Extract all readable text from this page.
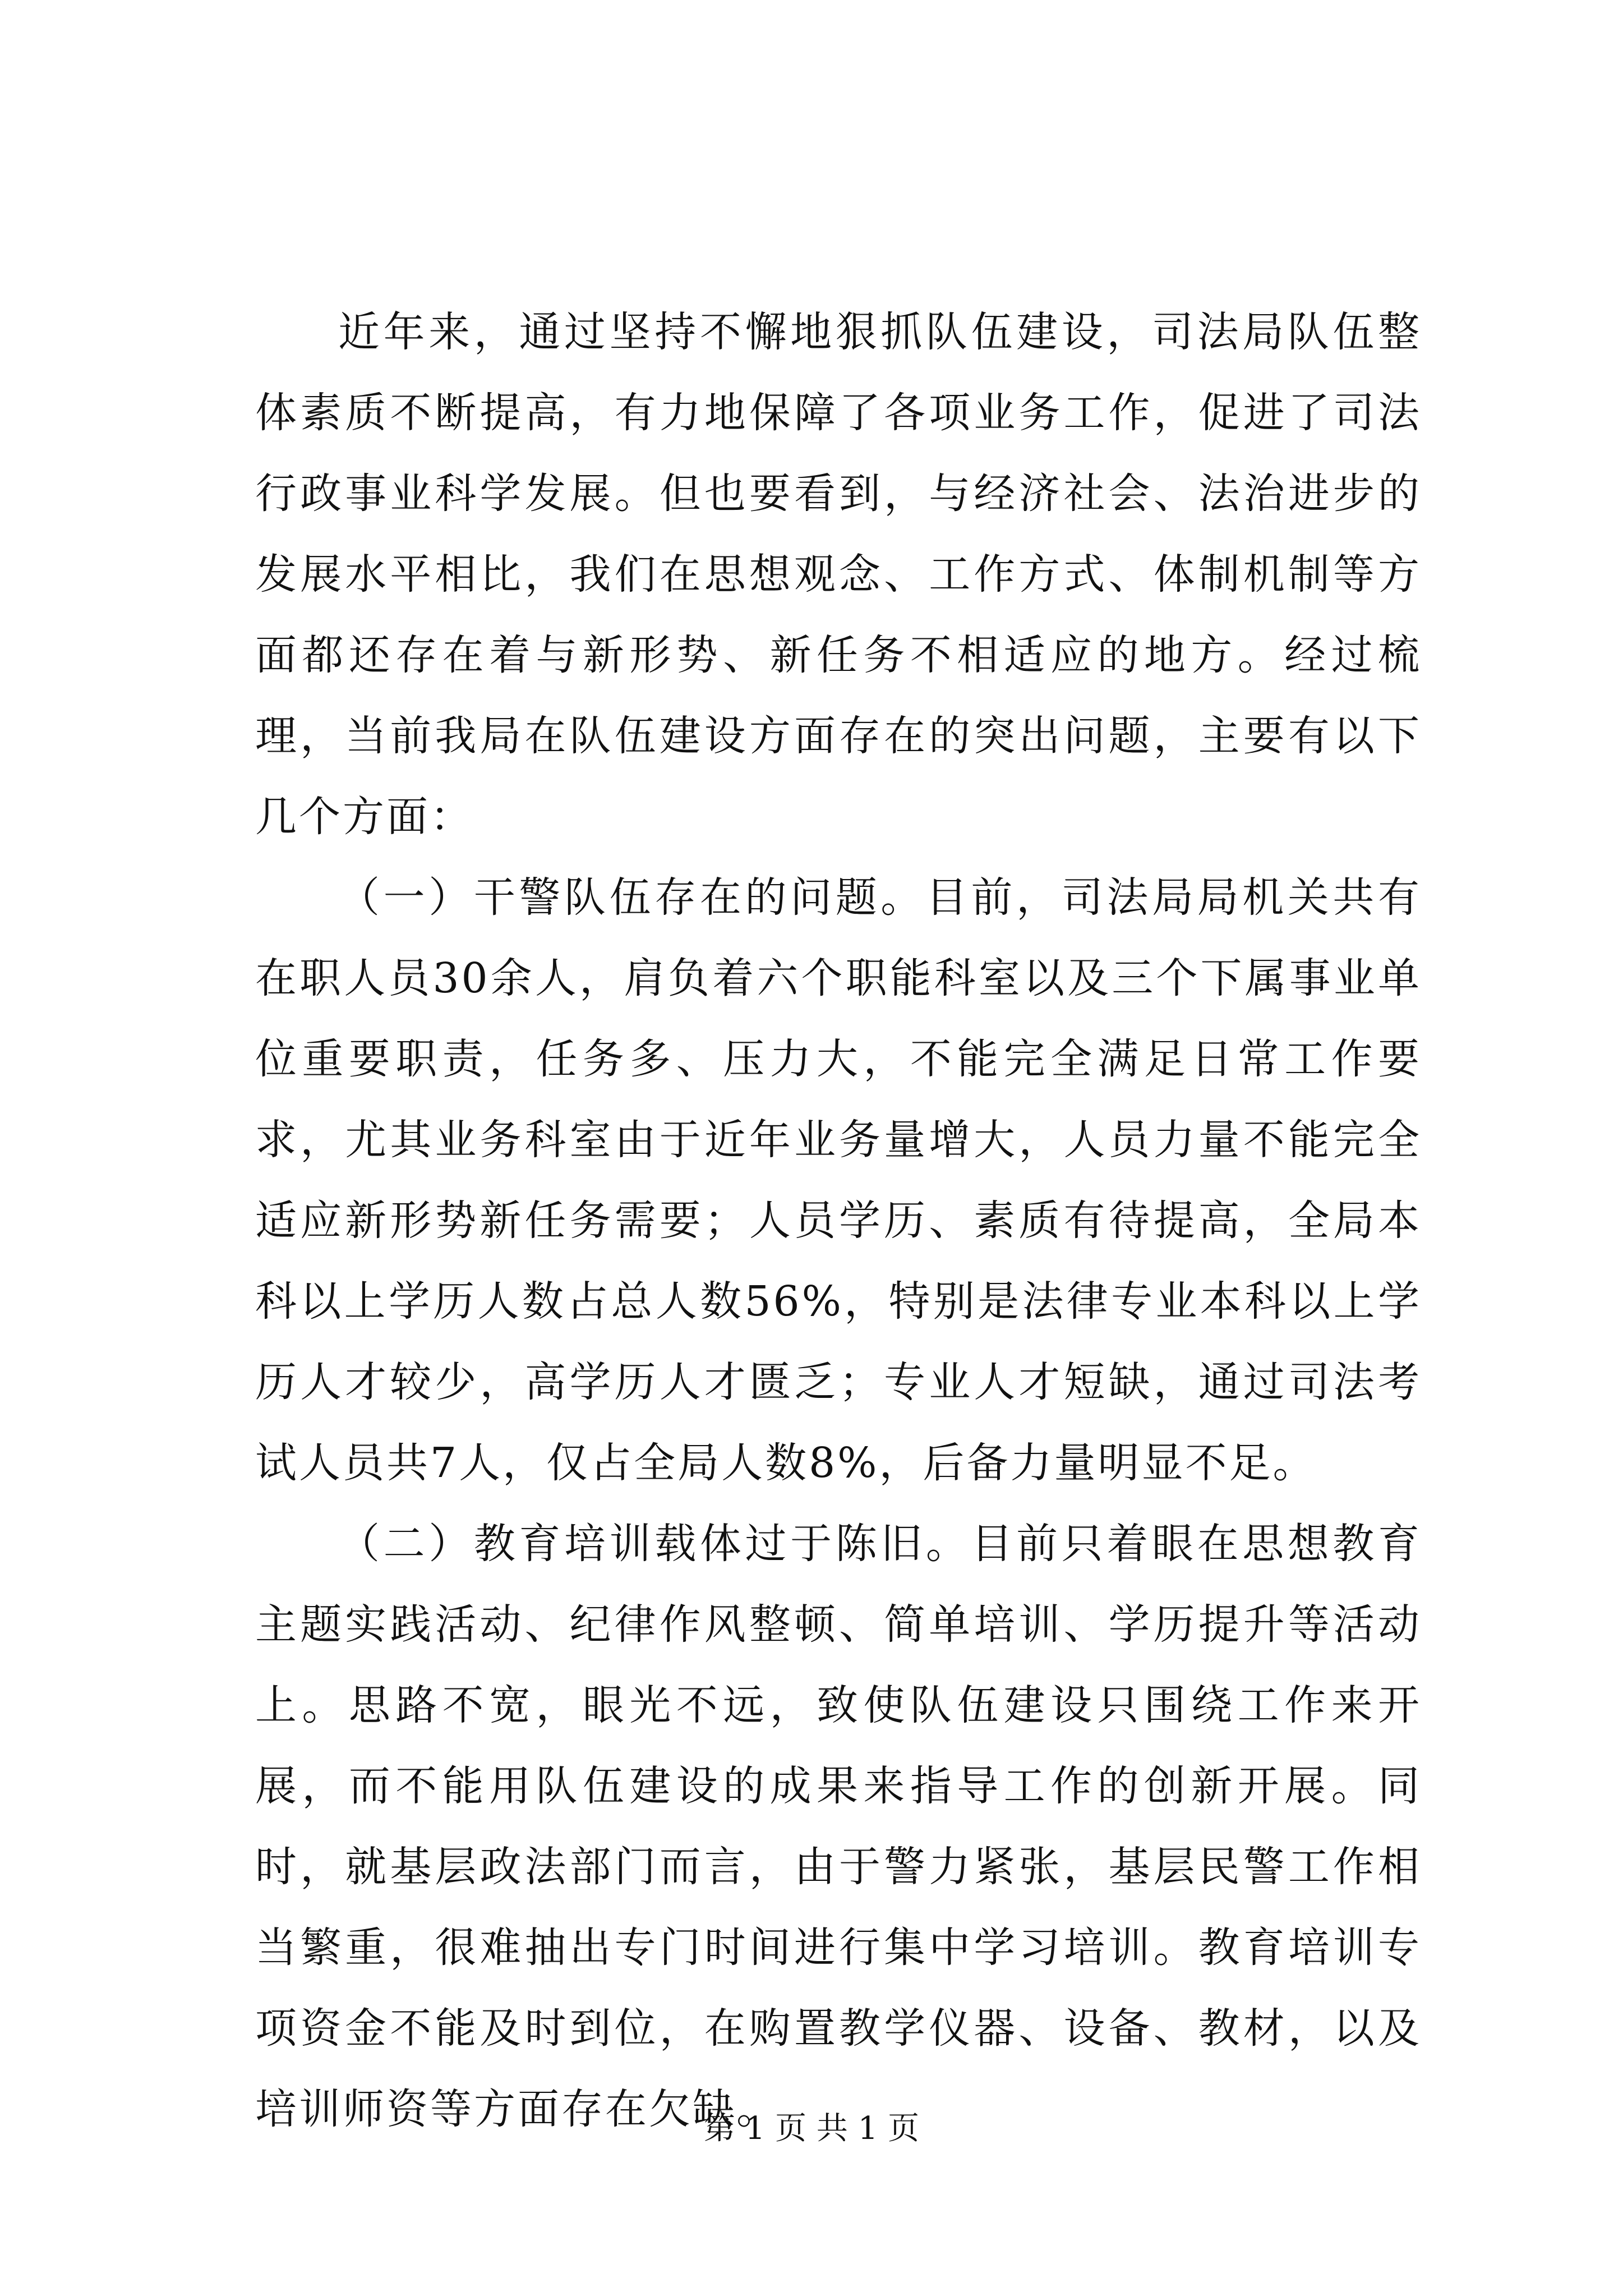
近年来，通过坚持不懈地狠抓队伍建设，司法局队伍整体素质不断提高，有力地保障了各项业务工作，促进了司法行政事业科学发展。但也要看到，与经济社会、法治进步的发展水平相比，我们在思想观念、工作方式、体制机制等方面都还存在着与新形势、新任务不相适应的地方。经过梳理，当前我局在队伍建设方面存在的突出问题，主要有以下几个方面：

（一）干警队伍存在的问题。目前，司法局局机关共有在职人员30余人，肩负着六个职能科室以及三个下属事业单位重要职责，任务多、压力大，不能完全满足日常工作要求，尤其业务科室由于近年业务量增大，人员力量不能完全适应新形势新任务需要；人员学历、素质有待提高，全局本科以上学历人数占总人数56%，特别是法律专业本科以上学历人才较少，高学历人才匮乏；专业人才短缺，通过司法考试人员共7人，仅占全局人数8%，后备力量明显不足。

（二）教育培训载体过于陈旧。目前只着眼在思想教育主题实践活动、纪律作风整顿、简单培训、学历提升等活动上。思路不宽，眼光不远，致使队伍建设只围绕工作来开展，而不能用队伍建设的成果来指导工作的创新开展。同时，就基层政法部门而言，由于警力紧张，基层民警工作相当繁重，很难抽出专门时间进行集中学习培训。教育培训专项资金不能及时到位，在购置教学仪器、设备、教材，以及培训师资等方面存在欠缺。

第 1 页 共 1 页
